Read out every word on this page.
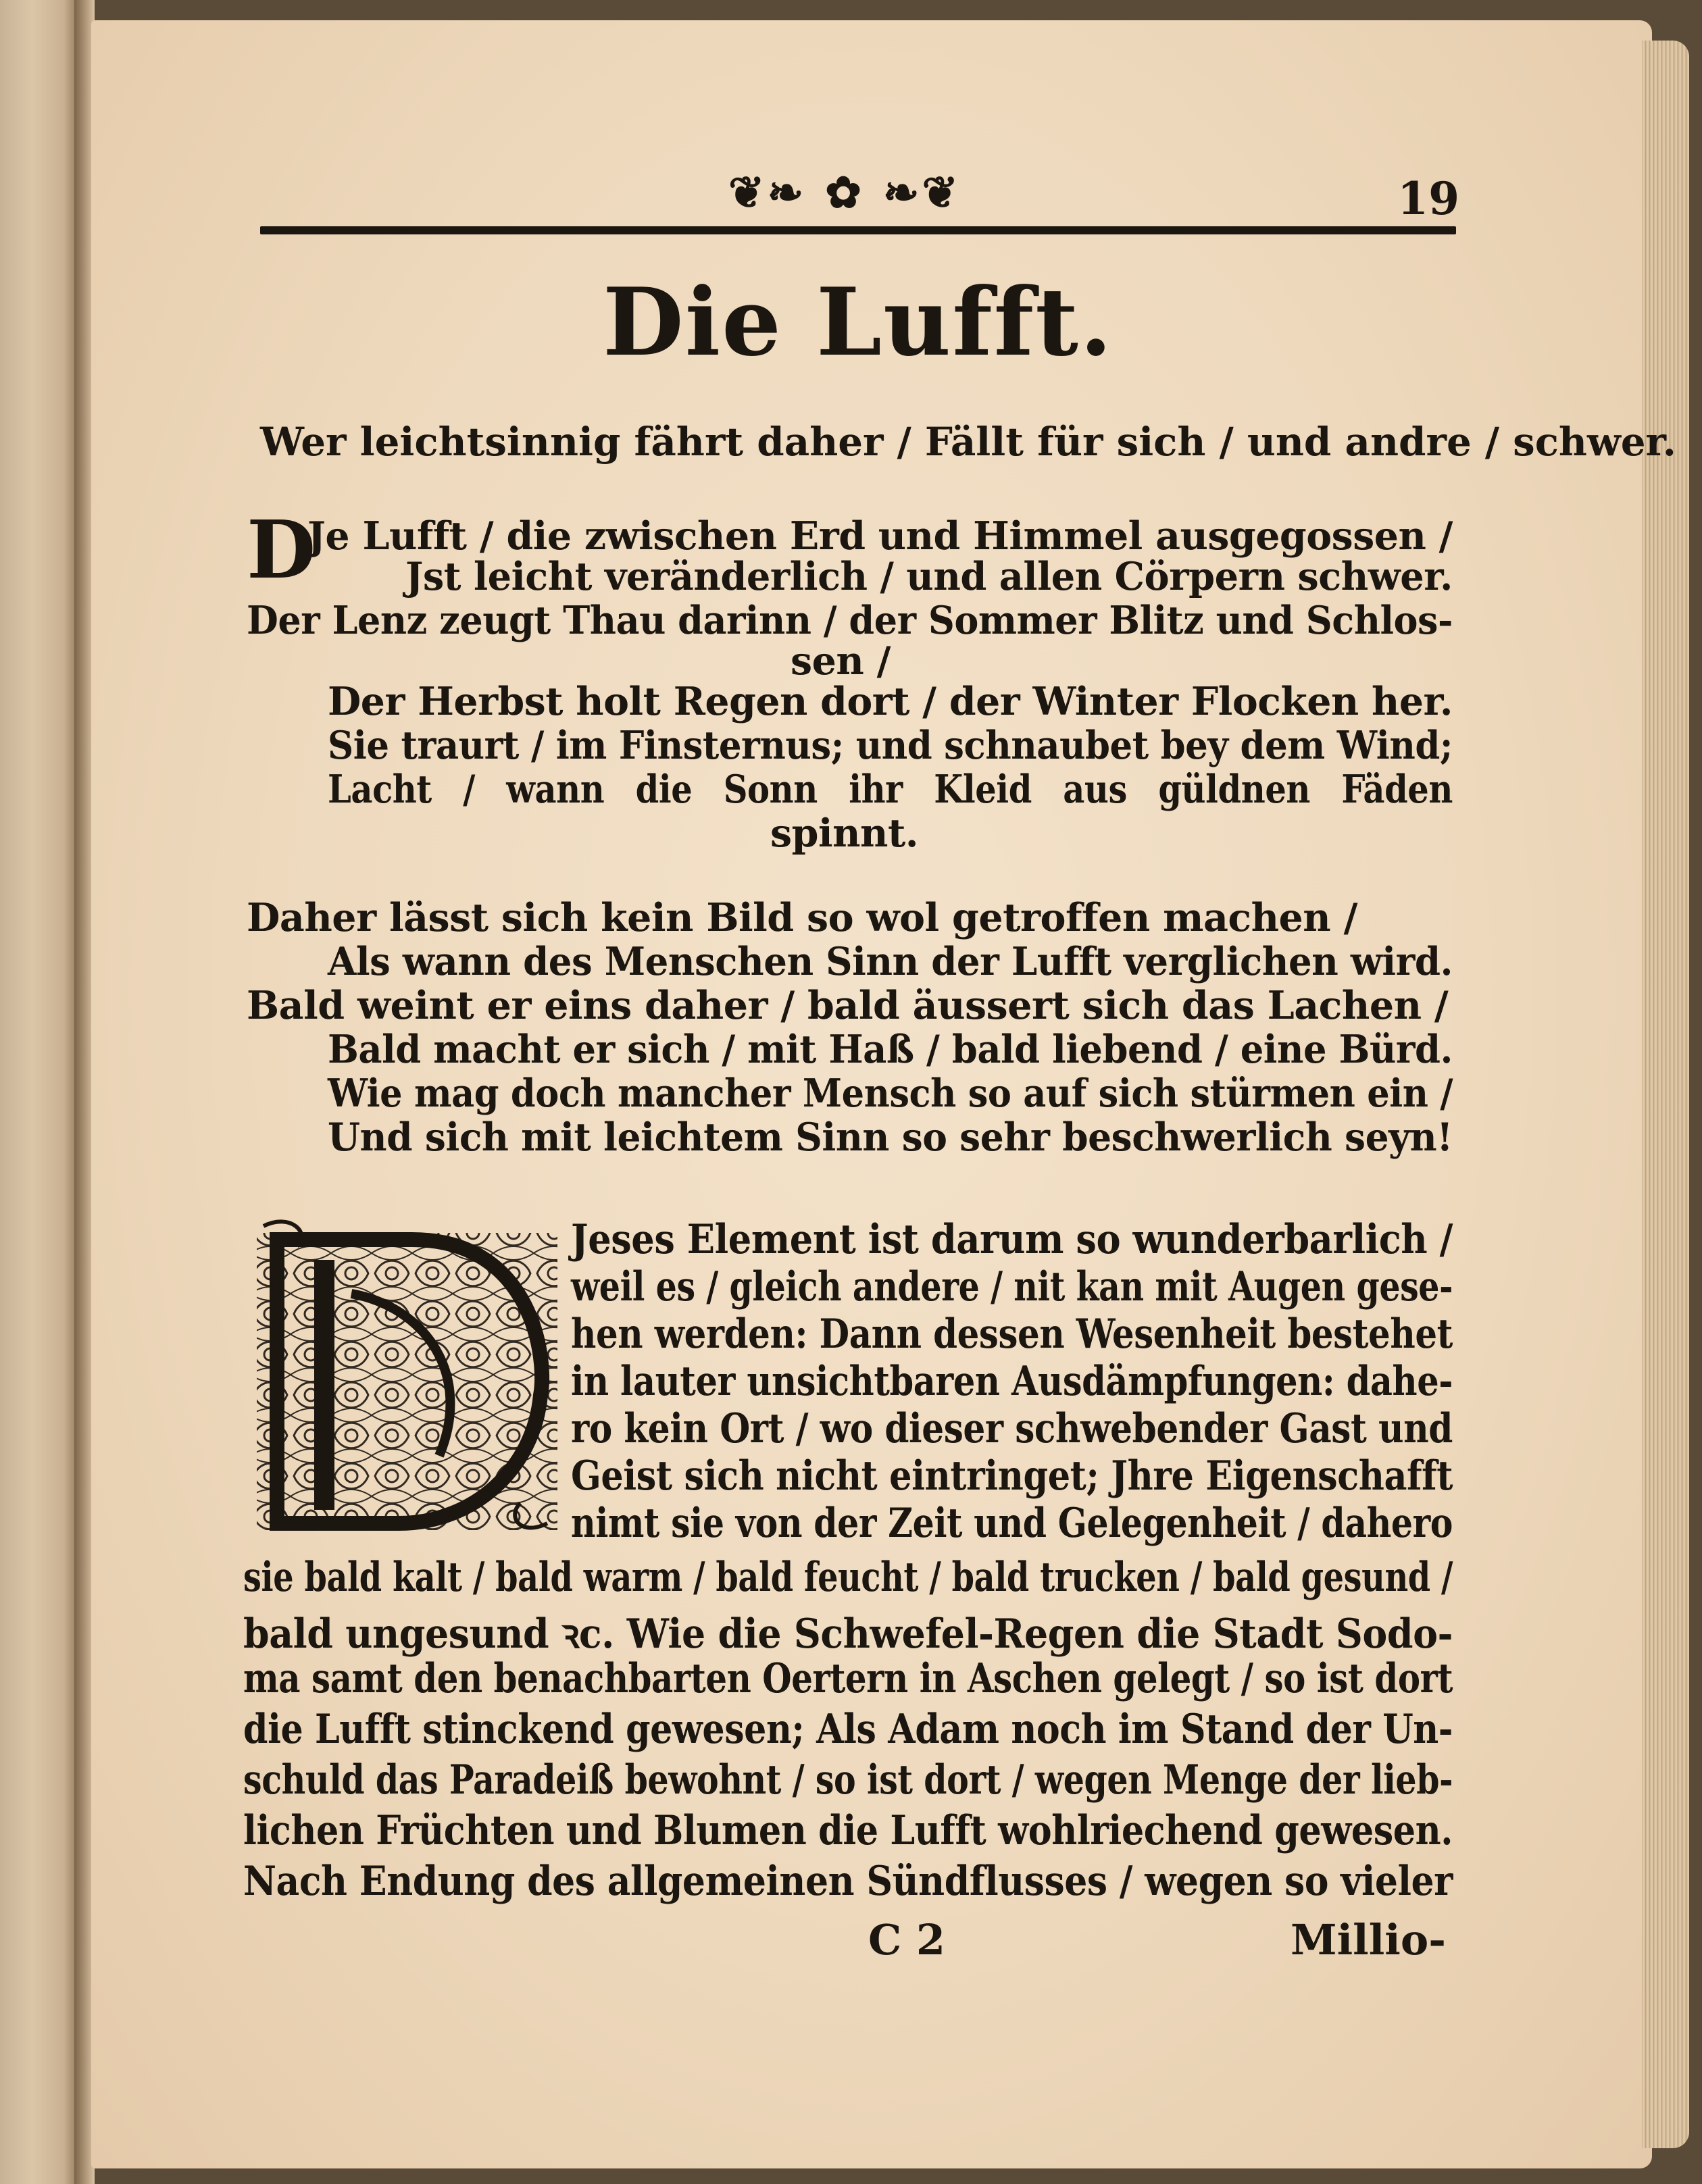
❦❧ ✿ ❧❦	19
Die Lufft.
Wer leichtsinnig fährt daher / Fällt für sich / und andre / schwer.
D
Je Lufft / die zwischen Erd und Himmel ausgegossen /
Jst leicht veränderlich / und allen Cörpern schwer.
Der Lenz zeugt Thau darinn / der Sommer Blitz und Schlos-
sen /
Der Herbst holt Regen dort / der Winter Flocken her.
Sie traurt / im Finsternus; und schnaubet bey dem Wind;
Lacht / wann die Sonn ihr Kleid aus güldnen Fäden
spinnt.
Daher lässt sich kein Bild so wol getroffen machen /
Als wann des Menschen Sinn der Lufft verglichen wird.
Bald weint er eins daher / bald äussert sich das Lachen /
Bald macht er sich / mit Haß / bald liebend / eine Bürd.
Wie mag doch mancher Mensch so auf sich stürmen ein /
Und sich mit leichtem Sinn so sehr beschwerlich seyn!
Jeses Element ist darum so wunderbarlich /
weil es / gleich andere / nit kan mit Augen gese-
hen werden: Dann dessen Wesenheit bestehet
in lauter unsichtbaren Ausdämpfungen: dahe-
ro kein Ort / wo dieser schwebender Gast und
Geist sich nicht eintringet; Jhre Eigenschafft
nimt sie von der Zeit und Gelegenheit / dahero
sie bald kalt / bald warm / bald feucht / bald trucken / bald gesund /
bald ungesund ꝛc. Wie die Schwefel-Regen die Stadt Sodo-
ma samt den benachbarten Oertern in Aschen gelegt / so ist dort
die Lufft stinckend gewesen; Als Adam noch im Stand der Un-
schuld das Paradeiß bewohnt / so ist dort / wegen Menge der lieb-
lichen Früchten und Blumen die Lufft wohlriechend gewesen.
Nach Endung des allgemeinen Sündflusses / wegen so vieler
C 2	Millio-
